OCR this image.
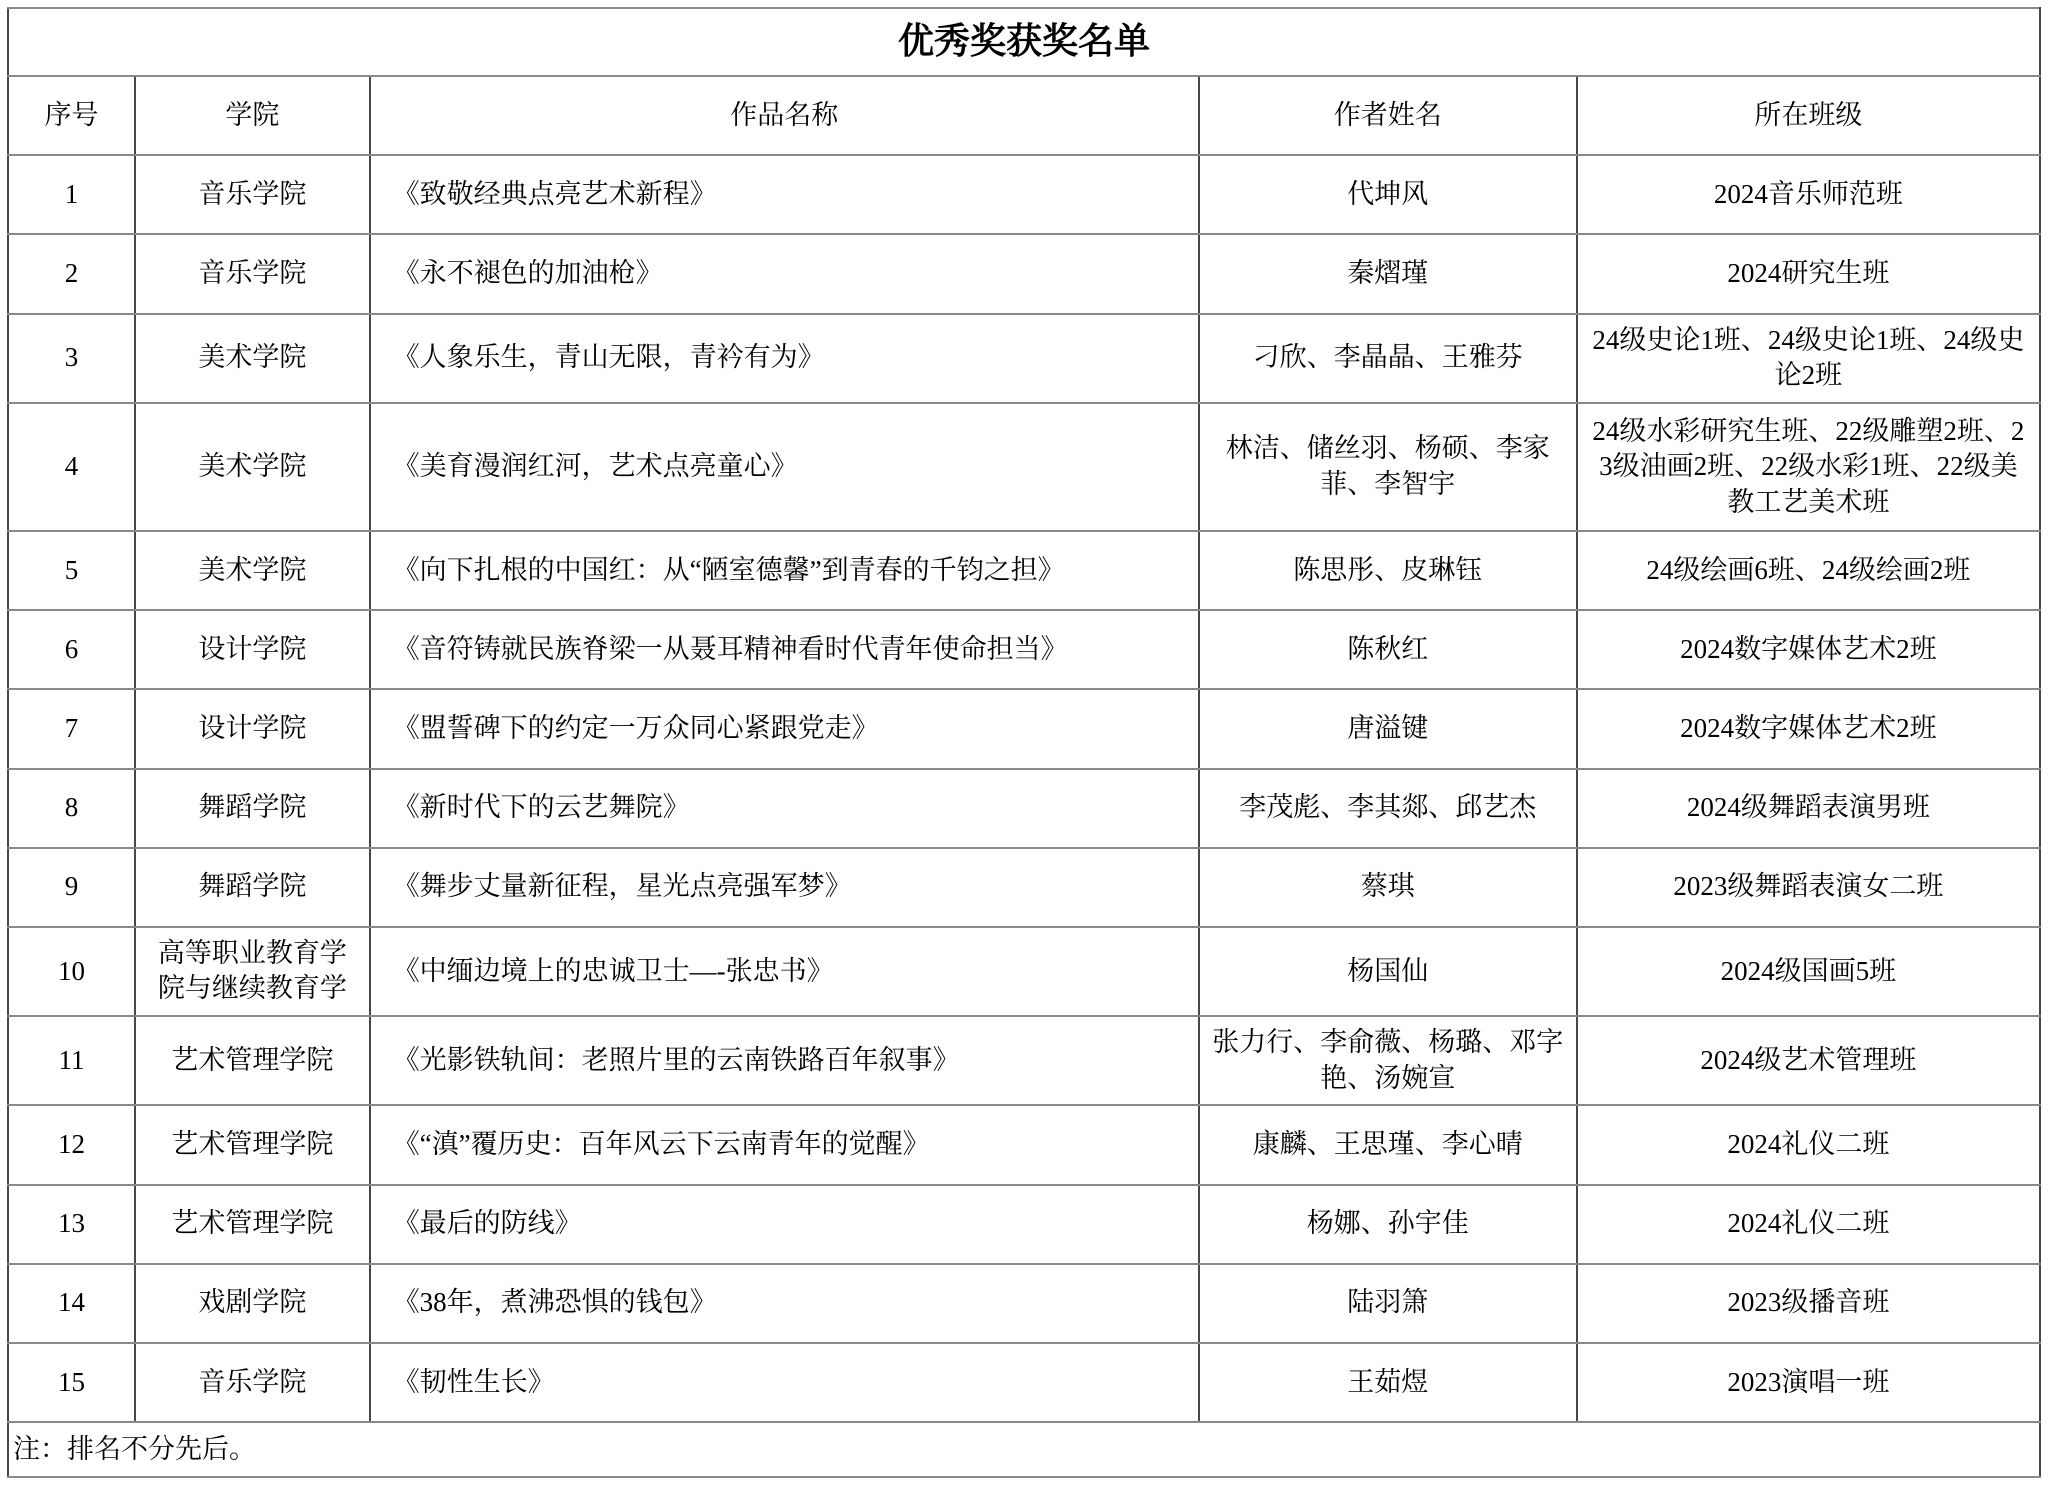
优秀奖获奖名单				
序号	学院	作品名称	作者姓名	所在班级
1	音乐学院	《致敬经典点亮艺术新程》	代坤风	2024音乐师范班
2	音乐学院	《永不褪色的加油枪》	秦熠瑾	2024研究生班
3	美术学院	《人象乐生，青山无限，青衿有为》	刁欣、李晶晶、王雅芬	24级史论1班、24级史论1班、24级史论2班
4	美术学院	《美育漫润红河，艺术点亮童心》	林洁、储丝羽、杨硕、李家菲、李智宇	24级水彩研究生班、22级雕塑2班、23级油画2班、22级水彩1班、22级美教工艺美术班
5	美术学院	《向下扎根的中国红：从“陋室德馨”到青春的千钧之担》	陈思彤、皮琳钰	24级绘画6班、24级绘画2班
6	设计学院	《音符铸就民族脊梁一从聂耳精神看时代青年使命担当》	陈秋红	2024数字媒体艺术2班
7	设计学院	《盟誓碑下的约定一万众同心紧跟党走》	唐溢键	2024数字媒体艺术2班
8	舞蹈学院	《新时代下的云艺舞院》	李茂彪、李其郯、邱艺杰	2024级舞蹈表演男班
9	舞蹈学院	《舞步丈量新征程，星光点亮强军梦》	蔡琪	2023级舞蹈表演女二班
10	高等职业教育学院与继续教育学	《中缅边境上的忠诚卫士—-张忠书》	杨国仙	2024级国画5班
11	艺术管理学院	《光影铁轨间：老照片里的云南铁路百年叙事》	张力行、李俞薇、杨璐、邓字艳、汤婉宣	2024级艺术管理班
12	艺术管理学院	《“滇”覆历史：百年风云下云南青年的觉醒》	康麟、王思瑾、李心晴	2024礼仪二班
13	艺术管理学院	《最后的防线》	杨娜、孙宇佳	2024礼仪二班
14	戏剧学院	《38年，煮沸恐惧的钱包》	陆羽箫	2023级播音班
15	音乐学院	《韧性生长》	王茹煜	2023演唱一班
注：排名不分先后。				
